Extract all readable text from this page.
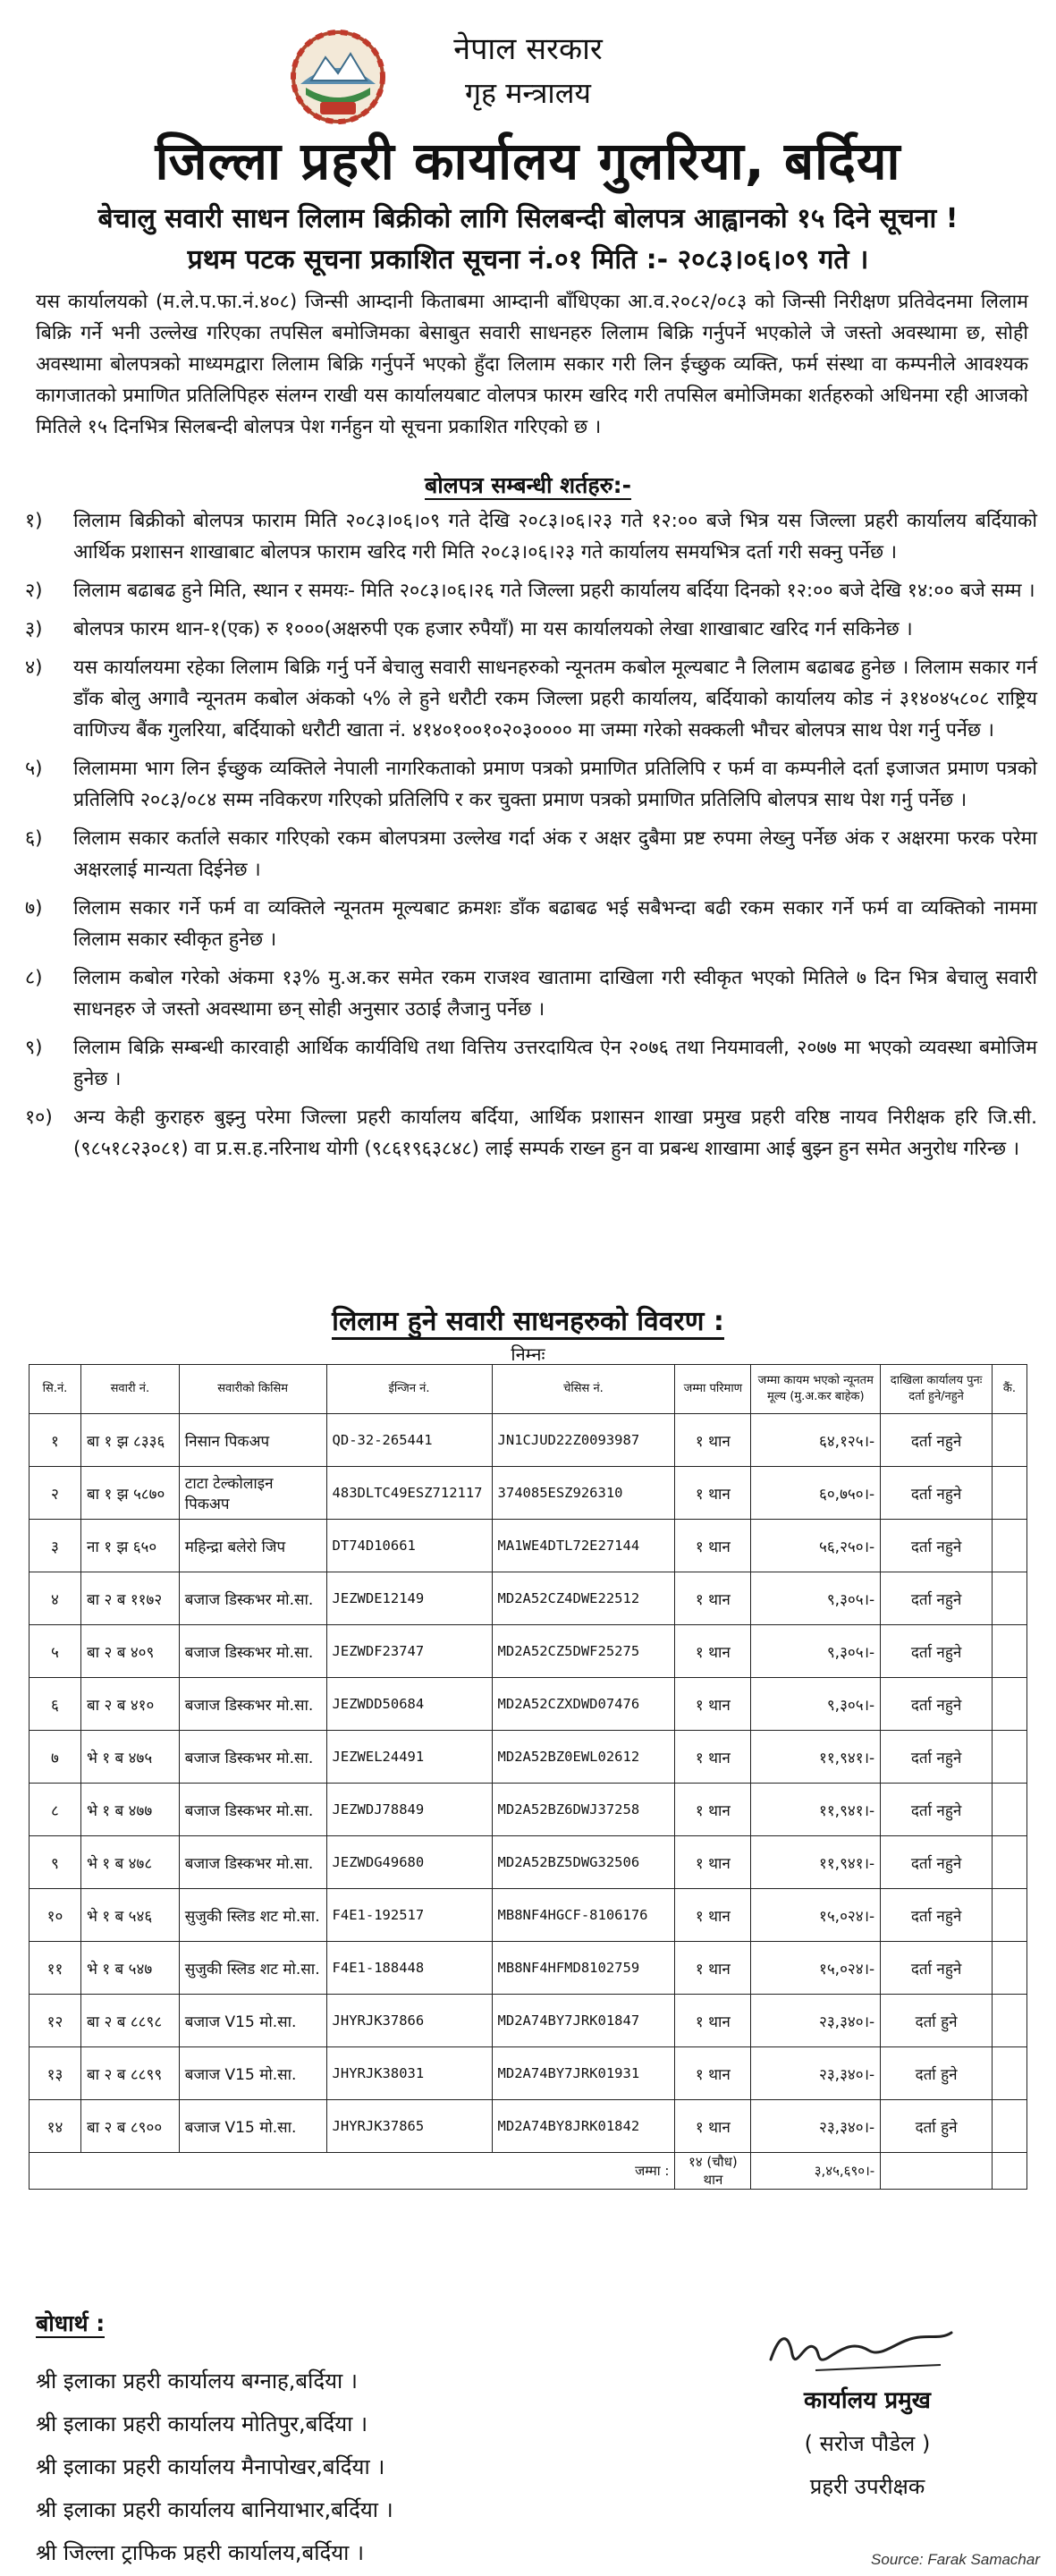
नेपाल सरकार
गृह मन्त्रालय
जिल्ला प्रहरी कार्यालय गुलरिया, बर्दिया
बेचालु सवारी साधन लिलाम बिक्रीको लागि सिलबन्दी बोलपत्र आह्वानको १५ दिने सूचना !
प्रथम पटक सूचना प्रकाशित सूचना नं.०१ मिति :- २०८३।०६।०९ गते ।
यस कार्यालयको (म.ले.प.फा.नं.४०८) जिन्सी आम्दानी किताबमा आम्दानी बाँधिएका आ.व.२०८२/०८३ को जिन्सी निरीक्षण प्रतिवेदनमा लिलाम बिक्रि गर्ने भनी उल्लेख गरिएका तपसिल बमोजिमका बेसाबुत सवारी साधनहरु लिलाम बिक्रि गर्नुपर्ने भएकोले जे जस्तो अवस्थामा छ, सोही अवस्थामा बोलपत्रको माध्यमद्वारा लिलाम बिक्रि गर्नुपर्ने भएको हुँदा लिलाम सकार गरी लिन ईच्छुक व्यक्ति, फर्म संस्था वा कम्पनीले आवश्यक कागजातको प्रमाणित प्रतिलिपिहरु संलग्न राखी यस कार्यालयबाट वोलपत्र फारम खरिद गरी तपसिल बमोजिमका शर्तहरुको अधिनमा रही आजको मितिले १५ दिनभित्र सिलबन्दी बोलपत्र पेश गर्नहुन यो सूचना प्रकाशित गरिएको छ ।
बोलपत्र सम्बन्धी शर्तहरु:-
१) लिलाम बिक्रीको बोलपत्र फाराम मिति २०८३।०६।०९ गते देखि २०८३।०६।२३ गते १२:०० बजे भित्र यस जिल्ला प्रहरी कार्यालय बर्दियाको आर्थिक प्रशासन शाखाबाट बोलपत्र फाराम खरिद गरी मिति २०८३।०६।२३ गते कार्यालय समयभित्र दर्ता गरी सक्नु पर्नेछ ।
२) लिलाम बढाबढ हुने मिति, स्थान र समयः- मिति २०८३।०६।२६ गते जिल्ला प्रहरी कार्यालय बर्दिया दिनको १२:०० बजे देखि १४:०० बजे सम्म ।
३) बोलपत्र फारम थान-१(एक) रु १०००(अक्षरुपी एक हजार रुपैयाँ) मा यस कार्यालयको लेखा शाखाबाट खरिद गर्न सकिनेछ ।
४) यस कार्यालयमा रहेका लिलाम बिक्रि गर्नु पर्ने बेचालु सवारी साधनहरुको न्यूनतम कबोल मूल्यबाट नै लिलाम बढाबढ हुनेछ । लिलाम सकार गर्न डाँक बोलु अगावै न्यूनतम कबोल अंकको ५% ले हुने धरौटी रकम जिल्ला प्रहरी कार्यालय, बर्दियाको कार्यालय कोड नं ३१४०४५८०८ राष्ट्रिय वाणिज्य बैंक गुलरिया, बर्दियाको धरौटी खाता नं. ४१४०१००१०२०३०००० मा जम्मा गरेको सक्कली भौचर बोलपत्र साथ पेश गर्नु पर्नेछ ।
५) लिलाममा भाग लिन ईच्छुक व्यक्तिले नेपाली नागरिकताको प्रमाण पत्रको प्रमाणित प्रतिलिपि र फर्म वा कम्पनीले दर्ता इजाजत प्रमाण पत्रको प्रतिलिपि २०८३/०८४ सम्म नविकरण गरिएको प्रतिलिपि र कर चुक्ता प्रमाण पत्रको प्रमाणित प्रतिलिपि बोलपत्र साथ पेश गर्नु पर्नेछ ।
६) लिलाम सकार कर्ताले सकार गरिएको रकम बोलपत्रमा उल्लेख गर्दा अंक र अक्षर दुबैमा प्रष्ट रुपमा लेख्नु पर्नेछ अंक र अक्षरमा फरक परेमा अक्षरलाई मान्यता दिईनेछ ।
७) लिलाम सकार गर्ने फर्म वा व्यक्तिले न्यूनतम मूल्यबाट क्रमशः डाँक बढाबढ भई सबैभन्दा बढी रकम सकार गर्ने फर्म वा व्यक्तिको नाममा लिलाम सकार स्वीकृत हुनेछ ।
८) लिलाम कबोल गरेको अंकमा १३% मु.अ.कर समेत रकम राजश्व खातामा दाखिला गरी स्वीकृत भएको मितिले ७ दिन भित्र बेचालु सवारी साधनहरु जे जस्तो अवस्थामा छन् सोही अनुसार उठाई लैजानु पर्नेछ ।
९) लिलाम बिक्रि सम्बन्धी कारवाही आर्थिक कार्यविधि तथा वित्तिय उत्तरदायित्व ऐन २०७६ तथा नियमावली, २०७७ मा भएको व्यवस्था बमोजिम हुनेछ ।
१०) अन्य केही कुराहरु बुझ्नु परेमा जिल्ला प्रहरी कार्यालय बर्दिया, आर्थिक प्रशासन शाखा प्रमुख प्रहरी वरिष्ठ नायव निरीक्षक हरि जि.सी.(९८५१८२३०८१) वा प्र.स.ह.नरिनाथ योगी (९८६१९६३८४८) लाई सम्पर्क राख्न हुन वा प्रबन्ध शाखामा आई बुझ्न हुन समेत अनुरोध गरिन्छ ।
लिलाम हुने सवारी साधनहरुको विवरण :
निम्नः
सि.नं.	सवारी नं.	सवारीको किसिम	ईन्जिन नं.	चेसिस नं.	जम्मा परिमाण	जम्मा कायम भएको न्यूनतम मूल्य (मु.अ.कर बाहेक)	दाखिला कार्यालय पुनः दर्ता हुने/नहुने	कैं.
१	बा १ झ ८३३६	निसान पिकअप	QD-32-265441	JN1CJUD22Z0093987	१ थान	६४,१२५।-	दर्ता नहुने	
२	बा १ झ ५८७०	टाटा टेल्कोलाइन पिकअप	483DLTC49ESZ712117	374085ESZ926310	१ थान	६०,७५०।-	दर्ता नहुने	
३	ना १ झ ६५०	महिन्द्रा बलेरो जिप	DT74D10661	MA1WE4DTL72E27144	१ थान	५६,२५०।-	दर्ता नहुने	
४	बा २ ब ११७२	बजाज डिस्कभर मो.सा.	JEZWDE12149	MD2A52CZ4DWE22512	१ थान	९,३०५।-	दर्ता नहुने	
५	बा २ ब ४०९	बजाज डिस्कभर मो.सा.	JEZWDF23747	MD2A52CZ5DWF25275	१ थान	९,३०५।-	दर्ता नहुने	
६	बा २ ब ४१०	बजाज डिस्कभर मो.सा.	JEZWDD50684	MD2A52CZXDWD07476	१ थान	९,३०५।-	दर्ता नहुने	
७	भे १ ब ४७५	बजाज डिस्कभर मो.सा.	JEZWEL24491	MD2A52BZ0EWL02612	१ थान	११,९४१।-	दर्ता नहुने	
८	भे १ ब ४७७	बजाज डिस्कभर मो.सा.	JEZWDJ78849	MD2A52BZ6DWJ37258	१ थान	११,९४१।-	दर्ता नहुने	
९	भे १ ब ४७८	बजाज डिस्कभर मो.सा.	JEZWDG49680	MD2A52BZ5DWG32506	१ थान	११,९४१।-	दर्ता नहुने	
१०	भे १ ब ५४६	सुजुकी स्लिड शट मो.सा.	F4E1-192517	MB8NF4HGCF-8106176	१ थान	१५,०२४।-	दर्ता नहुने	
११	भे १ ब ५४७	सुजुकी स्लिड शट मो.सा.	F4E1-188448	MB8NF4HFMD8102759	१ थान	१५,०२४।-	दर्ता नहुने	
१२	बा २ ब ८८९८	बजाज V15 मो.सा.	JHYRJK37866	MD2A74BY7JRK01847	१ थान	२३,३४०।-	दर्ता हुने	
१३	बा २ ब ८८९९	बजाज V15 मो.सा.	JHYRJK38031	MD2A74BY7JRK01931	१ थान	२३,३४०।-	दर्ता हुने	
१४	बा २ ब ८९००	बजाज V15 मो.सा.	JHYRJK37865	MD2A74BY8JRK01842	१ थान	२३,३४०।-	दर्ता हुने	
जम्मा :					१४ (चौध) थान	३,४५,६९०।-		
बोधार्थ :
श्री इलाका प्रहरी कार्यालय बग्नाह,बर्दिया ।
श्री इलाका प्रहरी कार्यालय मोतिपुर,बर्दिया ।
श्री इलाका प्रहरी कार्यालय मैनापोखर,बर्दिया ।
श्री इलाका प्रहरी कार्यालय बानियाभार,बर्दिया ।
श्री जिल्ला ट्राफिक प्रहरी कार्यालय,बर्दिया ।
कार्यालय प्रमुख
( सरोज पौडेल )
प्रहरी उपरीक्षक
Source: Farak Samachar
